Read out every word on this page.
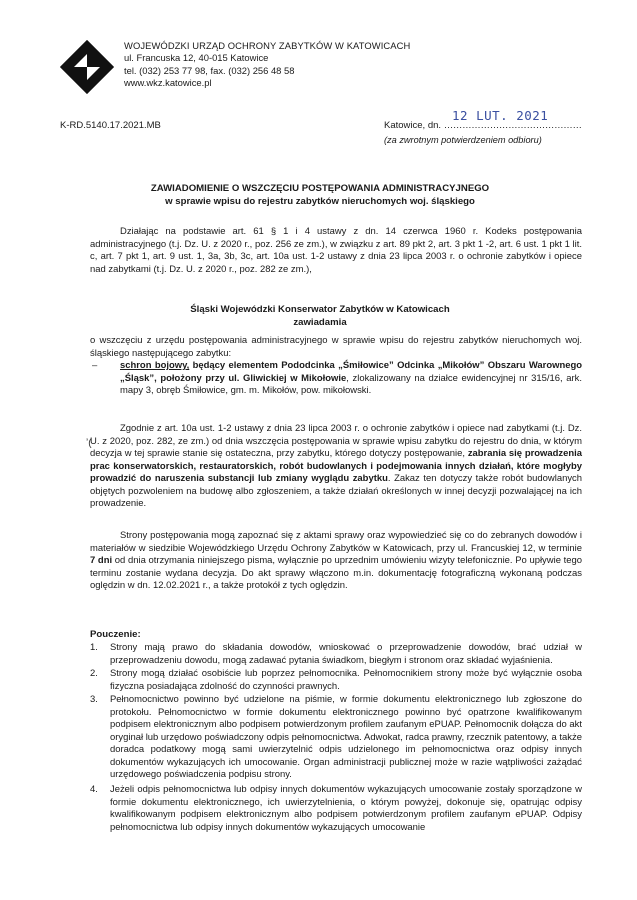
WOJEWÓDZKI URZĄD OCHRONY ZABYTKÓW W KATOWICACH
ul. Francuska 12, 40-015 Katowice
tel. (032) 253 77 98, fax. (032) 256 48 58
www.wkz.katowice.pl
K-RD.5140.17.2021.MB
12 LUT. 2021
Katowice, dn. ………………………………………
(za zwrotnym potwierdzeniem odbioru)
ZAWIADOMIENIE O WSZCZĘCIU POSTĘPOWANIA ADMINISTRACYJNEGO
w sprawie wpisu do rejestru zabytków nieruchomych woj. śląskiego
Działając na podstawie art. 61 § 1 i 4 ustawy z dn. 14 czerwca 1960 r. Kodeks postępowania administracyjnego (t.j. Dz. U. z 2020 r., poz. 256 ze zm.), w związku z art. 89 pkt 2, art. 3 pkt 1 -2, art. 6 ust. 1 pkt 1 lit. c, art. 7 pkt 1, art. 9 ust. 1, 3a, 3b, 3c, art. 10a ust. 1-2 ustawy z dnia 23 lipca 2003 r. o ochronie zabytków i opiece nad zabytkami (t.j. Dz. U. z 2020 r., poz. 282 ze zm.),
Śląski Wojewódzki Konserwator Zabytków w Katowicach
zawiadamia
o wszczęciu z urzędu postępowania administracyjnego w sprawie wpisu do rejestru zabytków nieruchomych woj. śląskiego następującego zabytku:
– schron bojowy, będący elementem Pododcinka „Śmiłowice” Odcinka „Mikołów” Obszaru Warownego „Śląsk”, położony przy ul. Gliwickiej w Mikołowie, zlokalizowany na działce ewidencyjnej nr 315/16, ark. mapy 3, obręb Śmiłowice, gm. m. Mikołów, pow. mikołowski.
ʼ(
Zgodnie z art. 10a ust. 1-2 ustawy z dnia 23 lipca 2003 r. o ochronie zabytków i opiece nad zabytkami (t.j. Dz. U. z 2020, poz. 282, ze zm.) od dnia wszczęcia postępowania w sprawie wpisu zabytku do rejestru do dnia, w którym decyzja w tej sprawie stanie się ostateczna, przy zabytku, którego dotyczy postępowanie, zabrania się prowadzenia prac konserwatorskich, restauratorskich, robót budowlanych i podejmowania innych działań, które mogłyby prowadzić do naruszenia substancji lub zmiany wyglądu zabytku. Zakaz ten dotyczy także robót budowlanych objętych pozwoleniem na budowę albo zgłoszeniem, a także działań określonych w innej decyzji pozwalającej na ich prowadzenie.
Strony postępowania mogą zapoznać się z aktami sprawy oraz wypowiedzieć się co do zebranych dowodów i materiałów w siedzibie Wojewódzkiego Urzędu Ochrony Zabytków w Katowicach, przy ul. Francuskiej 12, w terminie 7 dni od dnia otrzymania niniejszego pisma, wyłącznie po uprzednim umówieniu wizyty telefonicznie. Po upływie tego terminu zostanie wydana decyzja. Do akt sprawy włączono m.in. dokumentację fotograficzną wykonaną podczas oględzin w dn. 12.02.2021 r., a także protokół z tych oględzin.
Pouczenie:
1. Strony mają prawo do składania dowodów, wnioskować o przeprowadzenie dowodów, brać udział w przeprowadzeniu dowodu, mogą zadawać pytania świadkom, biegłym i stronom oraz składać wyjaśnienia.
2. Strony mogą działać osobiście lub poprzez pełnomocnika. Pełnomocnikiem strony może być wyłącznie osoba fizyczna posiadająca zdolność do czynności prawnych.
3. Pełnomocnictwo powinno być udzielone na piśmie, w formie dokumentu elektronicznego lub zgłoszone do protokołu. Pełnomocnictwo w formie dokumentu elektronicznego powinno być opatrzone kwalifikowanym podpisem elektronicznym albo podpisem potwierdzonym profilem zaufanym ePUAP. Pełnomocnik dołącza do akt oryginał lub urzędowo poświadczony odpis pełnomocnictwa. Adwokat, radca prawny, rzecznik patentowy, a także doradca podatkowy mogą sami uwierzytelnić odpis udzielonego im pełnomocnictwa oraz odpisy innych dokumentów wykazujących ich umocowanie. Organ administracji publicznej może w razie wątpliwości zażądać urzędowego poświadczenia podpisu strony.
4. Jeżeli odpis pełnomocnictwa lub odpisy innych dokumentów wykazujących umocowanie zostały sporządzone w formie dokumentu elektronicznego, ich uwierzytelnienia, o którym powyżej, dokonuje się, opatrując odpisy kwalifikowanym podpisem elektronicznym albo podpisem potwierdzonym profilem zaufanym ePUAP. Odpisy pełnomocnictwa lub odpisy innych dokumentów wykazujących umocowanie
